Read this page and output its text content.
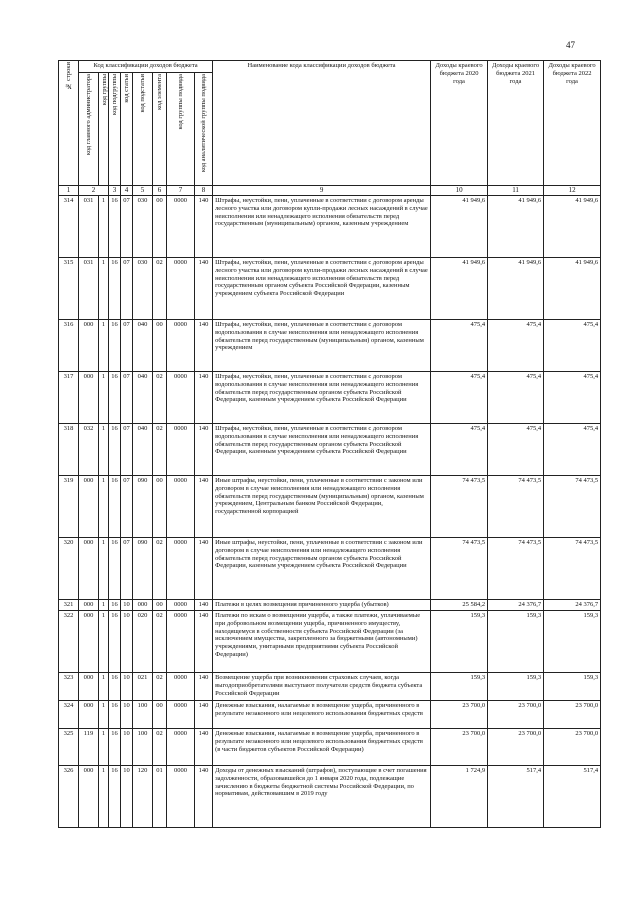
47
№ строки	Код классификации доходов бюджета								Наименование кода классификации доходов бюджета	Доходы краевого бюджета 2020 года	Доходы краевого бюджета 2021 года	Доходы краевого бюджета 2022 года

	код главного администратора	код группы	код подгруппы	код статьи	код подстатьи	код элемента	код группы подвида	код аналитической группы подвида				

1	2		3	4	5	6	7	8	9	10	11	12
314	031	1	16	07	030	00	0000	140	Штрафы, неустойки, пени, уплаченные в соответствии с договором аренды лесного участка или договором купли-продажи лесных насаждений в случае неисполнения или ненадлежащего исполнения обязательств перед государственным (муниципальным) органом, казенным учреждением	41 949,6	41 949,6	41 949,6
315	031	1	16	07	030	02	0000	140	Штрафы, неустойки, пени, уплаченные в соответствии с договором аренды лесного участка или договором купли-продажи лесных насаждений в случае неисполнения или ненадлежащего исполнения обязательств перед государственным органом субъекта Российской Федерации, казенным учреждением субъекта Российской Федерации	41 949,6	41 949,6	41 949,6
316	000	1	16	07	040	00	0000	140	Штрафы, неустойки, пени, уплаченные в соответствии с договором водопользования в случае неисполнения или ненадлежащего исполнения обязательств перед государственным (муниципальным) органом, казенным учреждением	475,4	475,4	475,4
317	000	1	16	07	040	02	0000	140	Штрафы, неустойки, пени, уплаченные в соответствии с договором водопользования в случае неисполнения или ненадлежащего исполнения обязательств перед государственным органом субъекта Российской Федерации, казенным учреждением субъекта Российской Федерации	475,4	475,4	475,4
318	032	1	16	07	040	02	0000	140	Штрафы, неустойки, пени, уплаченные в соответствии с договором водопользования в случае неисполнения или ненадлежащего исполнения обязательств перед государственным органом субъекта Российской Федерации, казенным учреждением субъекта Российской Федерации	475,4	475,4	475,4
319	000	1	16	07	090	00	0000	140	Иные штрафы, неустойки, пени, уплаченные в соответствии с законом или договором в случае неисполнения или ненадлежащего исполнения обязательств перед государственным (муниципальным) органом, казенным учреждением, Центральным банком Российской Федерации, государственной корпорацией	74 473,5	74 473,5	74 473,5
320	000	1	16	07	090	02	0000	140	Иные штрафы, неустойки, пени, уплаченные в соответствии с законом или договором в случае неисполнения или ненадлежащего исполнения обязательств перед государственным органом субъекта Российской Федерации, казенным учреждением субъекта Российской Федерации	74 473,5	74 473,5	74 473,5
321	000	1	16	10	000	00	0000	140	Платежи в целях возмещения причиненного ущерба (убытков)	25 584,2	24 376,7	24 376,7
322	000	1	16	10	020	02	0000	140	Платежи по искам о возмещении ущерба, а также платежи, уплачиваемые при добровольном возмещении ущерба, причиненного имуществу, находящемуся в собственности субъекта Российской Федерации (за исключением имущества, закрепленного за бюджетными (автономными) учреждениями, унитарными предприятиями субъекта Российской Федерации)	159,3	159,3	159,3
323	000	1	16	10	021	02	0000	140	Возмещение ущерба при возникновении страховых случаев, когда выгодоприобретателями выступают получатели средств бюджета субъекта Российской Федерации	159,3	159,3	159,3
324	000	1	16	10	100	00	0000	140	Денежные взыскания, налагаемые в возмещение ущерба, причиненного в результате незаконного или нецелевого использования бюджетных средств	23 700,0	23 700,0	23 700,0
325	119	1	16	10	100	02	0000	140	Денежные взыскания, налагаемые в возмещение ущерба, причиненного в результате незаконного или нецелевого использования бюджетных средств (в части бюджетов субъектов Российской Федерации)	23 700,0	23 700,0	23 700,0
326	000	1	16	10	120	01	0000	140	Доходы от денежных взысканий (штрафов), поступающие в счет погашения задолженности, образовавшейся до 1 января 2020 года, подлежащие зачислению в бюджеты бюджетной системы Российской Федерации, по нормативам, действовавшим в 2019 году	1 724,9	517,4	517,4
